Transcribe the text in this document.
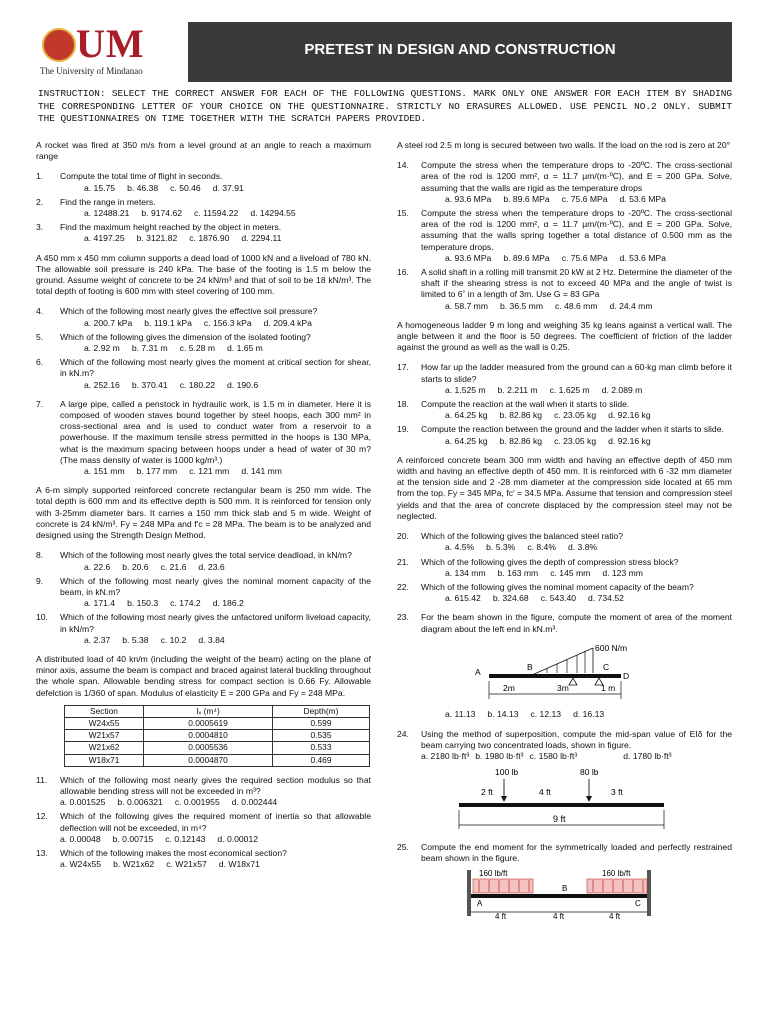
UM
The University of Mindanao
PRETEST IN DESIGN AND CONSTRUCTION

INSTRUCTION: SELECT THE CORRECT ANSWER FOR EACH OF THE FOLLOWING QUESTIONS. MARK ONLY ONE ANSWER FOR EACH ITEM BY SHADING THE CORRESPONDING LETTER OF YOUR CHOICE ON THE QUESTIONNAIRE. STRICTLY NO ERASURES ALLOWED. USE PENCIL NO.2 ONLY. SUBMIT THE QUESTIONNAIRES ON TIME TOGETHER WITH THE SCRATCH PAPERS PROVIDED.

A rocket was fired at 350 m/s from a level ground at an angle to reach a maximum range

1.	Compute the total time of flight in seconds.
a. 15.75 b. 46.38 c. 50.46 d. 37.91
2.	Find the range in meters.
a. 12488.21 b. 9174.62 c. 11594.22 d. 14294.55
3.	Find the maximum height reached by the object in meters.
a. 4197.25 b. 3121.82 c. 1876.90 d. 2294.11

A 450 mm x 450 mm column supports a dead load of 1000 kN and a liveload of 780 kN. The allowable soil pressure is 240 kPa. The base of the footing is 1.5 m below the ground. Assume weight of concrete to be 24 kN/m³ and that of soil to be 18 kN/m³. The total depth of footing is 600 mm with steel covering of 100 mm.

4.	Which of the following most nearly gives the effective soil pressure?
a. 200.7 kPa b. 119.1 kPa c. 156.3 kPa d. 209.4 kPa
5.	Which of the following gives the dimension of the isolated footing?
a. 2.92 m b. 7.31 m c. 5.28 m d. 1.65 m
6.	Which of the following most nearly gives the moment at critical section for shear, in kN.m?
a. 252.16 b. 370.41 c. 180.22 d. 190.6
7.	A large pipe, called a penstock in hydraulic work, is 1.5 m in diameter. Here it is composed of wooden staves bound together by steel hoops, each 300 mm² in cross-sectional area and is used to conduct water from a reservoir to a powerhouse. If the maximum tensile stress permitted in the hoops is 130 MPa, what is the maximum spacing between hoops under a head of water of 30 m? (The mass density of water is 1000 kg/m³.)
a. 151 mm b. 177 mm c. 121 mm d. 141 mm

A 6-m simply supported reinforced concrete rectangular beam is 250 mm wide. The total depth is 600 mm and its effective depth is 500 mm. It is reinforced for tension only with 3-25mm diameter bars. It carries a 150 mm thick slab and 5 m wide. Weight of concrete is 24 kN/m³. Fy = 248 MPa and f'c = 28 MPa. The beam is to be analyzed and designed using the Strength Design Method.

8.	Which of the following most nearly gives the total service deadload, in kN/m?
a. 22.6 b. 20.6 c. 21.6 d. 23.6
9.	Which of the following most nearly gives the nominal moment capacity of the beam, in kN.m?
a. 171.4 b. 150.3 c. 174.2 d. 186.2
10.	Which of the following most nearly gives the unfactored uniform liveload capacity, in kN/m?
a. 2.37 b. 5.38 c. 10.2 d. 3.84

A distributed load of 40 kn/m (including the weight of the beam) acting on the plane of minor axis, assume the beam is compact and braced against lateral buckling throughout the whole span. Allowable bending stress for compact section is 0.66 Fy. Allowable defelction is 1/360 of span. Modulus of elasticity E = 200 GPa and Fy = 248 MPa.

Section	Iₓ (m⁴)	Depth(m)
W24x55	0.0005619	0.599
W21x57	0.0004810	0.535
W21x62	0.0005536	0.533
W18x71	0.0004870	0.469
11.	Which of the following most nearly gives the required section modulus so that allowable bending stress will not be exceeded in m³?
a. 0.001525 b. 0.006321 c. 0.001955 d. 0.002444
12.	Which of the following gives the required moment of inertia so that allowable deflection will not be exceeded, in m⁴?
a. 0.00048 b. 0.00715 c. 0.12143 d. 0.00012
13.	Which of the following makes the most economical section?
a. W24x55 b. W21x62 c. W21x57 d. W18x71

A steel rod 2.5 m long is secured between two walls. If the load on the rod is zero at 20°

14.	Compute the stress when the temperature drops to -20ºC. The cross-sectional area of the rod is 1200 mm², α = 11.7 µm/(m·ºC), and E = 200 GPa. Solve, assuming that the walls are rigid as the temperature drops
a. 93.6 MPa b. 89.6 MPa c. 75.6 MPa d. 53.6 MPa
15.	Compute the stress when the temperature drops to -20ºC. The cross-sectional area of the rod is 1200 mm², α = 11.7 µm/(m·ºC), and E = 200 GPa. Solve, assuming that the walls spring together a total distance of 0.500 mm as the temperature drops.
a. 93.6 MPa b. 89.6 MPa c. 75.6 MPa d. 53.6 MPa
16.	A solid shaft in a rolling mill transmit 20 kW at 2 Hz. Determine the diameter of the shaft if the shearing stress is not to exceed 40 MPa and the angle of twist is limited to 6˚ in a length of 3m. Use G = 83 GPa
a. 58.7 mm b. 36.5 mm c. 48.6 mm d. 24.4 mm

A homogeneous ladder 9 m long and weighing 35 kg leans against a vertical wall. The angle between it and the floor is 50 degrees. The coefficient of friction of the ladder against the ground as well as the wall is 0.25.

17.	How far up the ladder measured from the ground can a 60-kg man climb before it starts to slide?
a. 1.525 m b. 2.211 m c. 1.625 m d. 2.089 m
18.	Compute the reaction at the wall when it starts to slide.
a. 64.25 kg b. 82.86 kg c. 23.05 kg d. 92.16 kg
19.	Compute the reaction between the ground and the ladder when it starts to slide.
a. 64.25 kg b. 82.86 kg c. 23.05 kg d. 92.16 kg

A reinforced concrete beam 300 mm width and having an effective depth of 450 mm width and having an effective depth of 450 mm. It is reinforced with 6 -32 mm diameter at the tension side and 2 -28 mm diameter at the compression side located at 65 mm from the top. Fy = 345 MPa, fc' = 34.5 MPa. Assume that tension and compression steel yields and that the area of concrete displaced by the compression steel may not be neglected.

20.	Which of the following gives the balanced steel ratio?
a. 4.5% b. 5.3% c. 8.4% d. 3.8%
21.	Which of the following gives the depth of compression stress block?
a. 134 mm b. 163 mm c. 145 mm d. 123 mm
22.	Which of the following gives the nominal moment capacity of the beam?
a. 615.42 b. 324.68 c. 543.40 d. 734.52
23.	For the beam shown in the figure, compute the moment of area of the moment diagram about the left end in kN.m³.
600 N/m
A	B	C
D
2m	3m	1 m
a. 11.13 b. 14.13 c. 12.13 d. 16.13
24.	Using the method of superposition, compute the mid-span value of EIδ for the beam carrying two concentrated loads, shown in figure.
a. 2180 lb·ft³ b. 1980 lb·ft³ c. 1580 lb·ft³	d. 1780 lb·ft³
100 lb	80 lb
2 ft	4 ft	3 ft
9 ft
25.	Compute the end moment for the symmetrically loaded and perfectly restrained beam shown in the figure.
160 lb/ft	160 lb/ft
A
B
C
4 ft	4 ft	4 ft
